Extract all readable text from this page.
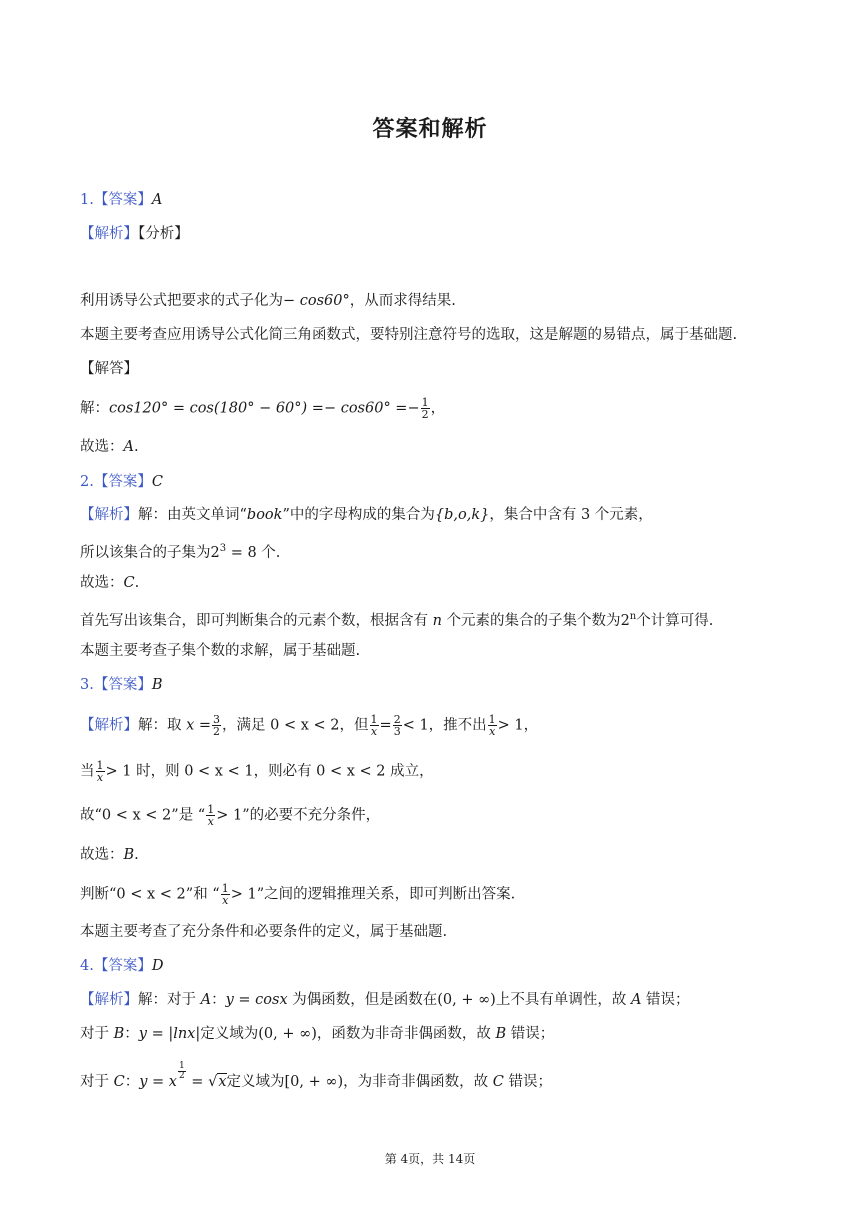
答案和解析
1.【答案】A
【解析】【分析】
利用诱导公式把要求的式子化为− cos60°，从而求得结果.
本题主要考查应用诱导公式化简三角函数式，要特别注意符号的选取，这是解题的易错点，属于基础题.
【解答】
解：$\cos 120^\circ = \cos(180^\circ - 60^\circ) =- \cos 60^\circ =- \frac{1}{2}$ ，
故选：A.
2.【答案】C
【解析】解：由英文单词“book”中的字母构成的集合为{b,o,k}，集合中含有 3 个元素，
所以该集合的子集为$2^3 = 8$ 个.
故选：C.
首先写出该集合，即可判断集合的元素个数，根据含有 n 个元素的集合的子集个数为2$^n$个计算可得.
本题主要考查子集个数的求解，属于基础题.
3.【答案】B
【解析】解：取 $x = \frac{3}{2}$ ，满足 0 < x < 2，但 $\frac{1}{x} = \frac{2}{3} < 1$，推不出 $\frac{1}{x} > 1$，
当 $\frac{1}{x} > 1$ 时，则 0 < x < 1，则必有 0 < x < 2 成立，
故“0 < x < 2”是 “ $\frac{1}{x} > 1$”的必要不充分条件，
故选：B.
判断“0 < x < 2”和 “ $\frac{1}{x} > 1$”之间的逻辑推理关系，即可判断出答案.
本题主要考查了充分条件和必要条件的定义，属于基础题.
4.【答案】D
【解析】解：对于 A：y = cosx 为偶函数，但是函数在(0, + ∞)上不具有单调性，故 A 错误；
对于 B：y = |lnx|定义域为(0, + ∞)，函数为非奇非偶函数，故 B 错误；
对于 C：y = x
$\frac{1}{2}$
= √x定义域为[0, + ∞)，为非奇非偶函数，故 C 错误；
第 4页，共 14页
